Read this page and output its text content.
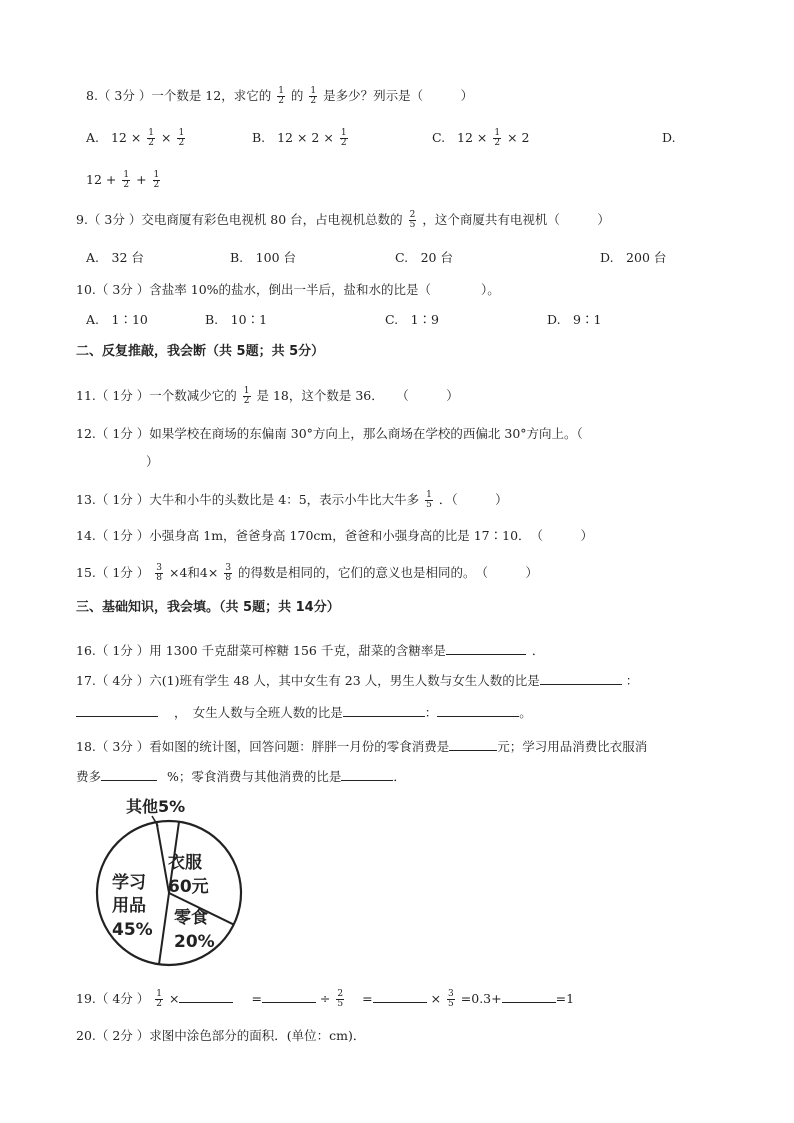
8.（ 3分 ）一个数是 12，求它的 $\frac{1}{2}$ 的 $\frac{1}{2}$ 是多少？列示是（　　　）
A. $12 \times \frac{1}{2} \times \frac{1}{2}$	B. $12 \times 2 \times \frac{1}{2}$	C. $12 \times \frac{1}{2} \times 2$	D.
$12 + \frac{1}{2} + \frac{1}{2}$
9.（ 3分 ）交电商厦有彩色电视机 80 台，占电视机总数的 $\frac{2}{5}$ ，这个商厦共有电视机（　　　）
A.　32 台	B.　100 台	C.　20 台	D.　200 台
10.（ 3分 ）含盐率 10%的盐水，倒出一半后，盐和水的比是（　　　　）。
A.　1∶10	B.　10∶1	C.　1∶9	D.　9∶1
二、反复推敲，我会断（共 5题；共 5分）
11.（ 1分 ）一个数减少它的 $\frac{1}{2}$ 是 18，这个数是 36．　　（　　　）
12.（ 1分 ）如果学校在商场的东偏南 30°方向上，那么商场在学校的西偏北 30°方向上。（
）
13.（ 1分 ）大牛和小牛的头数比是 4：5，表示小牛比大牛多 $\frac{1}{5}$ ．（　　　）
14.（ 1分 ）小强身高 1m，爸爸身高 170cm，爸爸和小强身高的比是 17∶10．　（　　　）
15.（ 1分 ） $\frac{3}{8} \times 4$和$4\times \frac{3}{8}$ 的得数是相同的，它们的意义也是相同的。　（　　　）
三、基础知识，我会填。（共 5题；共 14分）
16.（ 1分 ）用 1300 千克甜菜可榨糖 156 千克，甜菜的含糖率是	．
17.（ 4分 ）六(1)班有学生 48 人，其中女生有 23 人，男生人数与女生人数的比是	：
，　女生人数与全班人数的比是	：	。
18.（ 3分 ）看如图的统计图，回答问题：胖胖一月份的零食消费是	元；学习用品消费比衣服消
费多	%；零食消费与其他消费的比是	．
其他5%
衣服
60元
零食
20%
学习
用品
45%
19.（ 4分 ） $\frac{1}{2}$ ×	=	÷ $\frac{2}{5}$ =	× $\frac{3}{5} =0.3+$	=1
20.（ 2分 ）求图中涂色部分的面积．(单位：cm)．
